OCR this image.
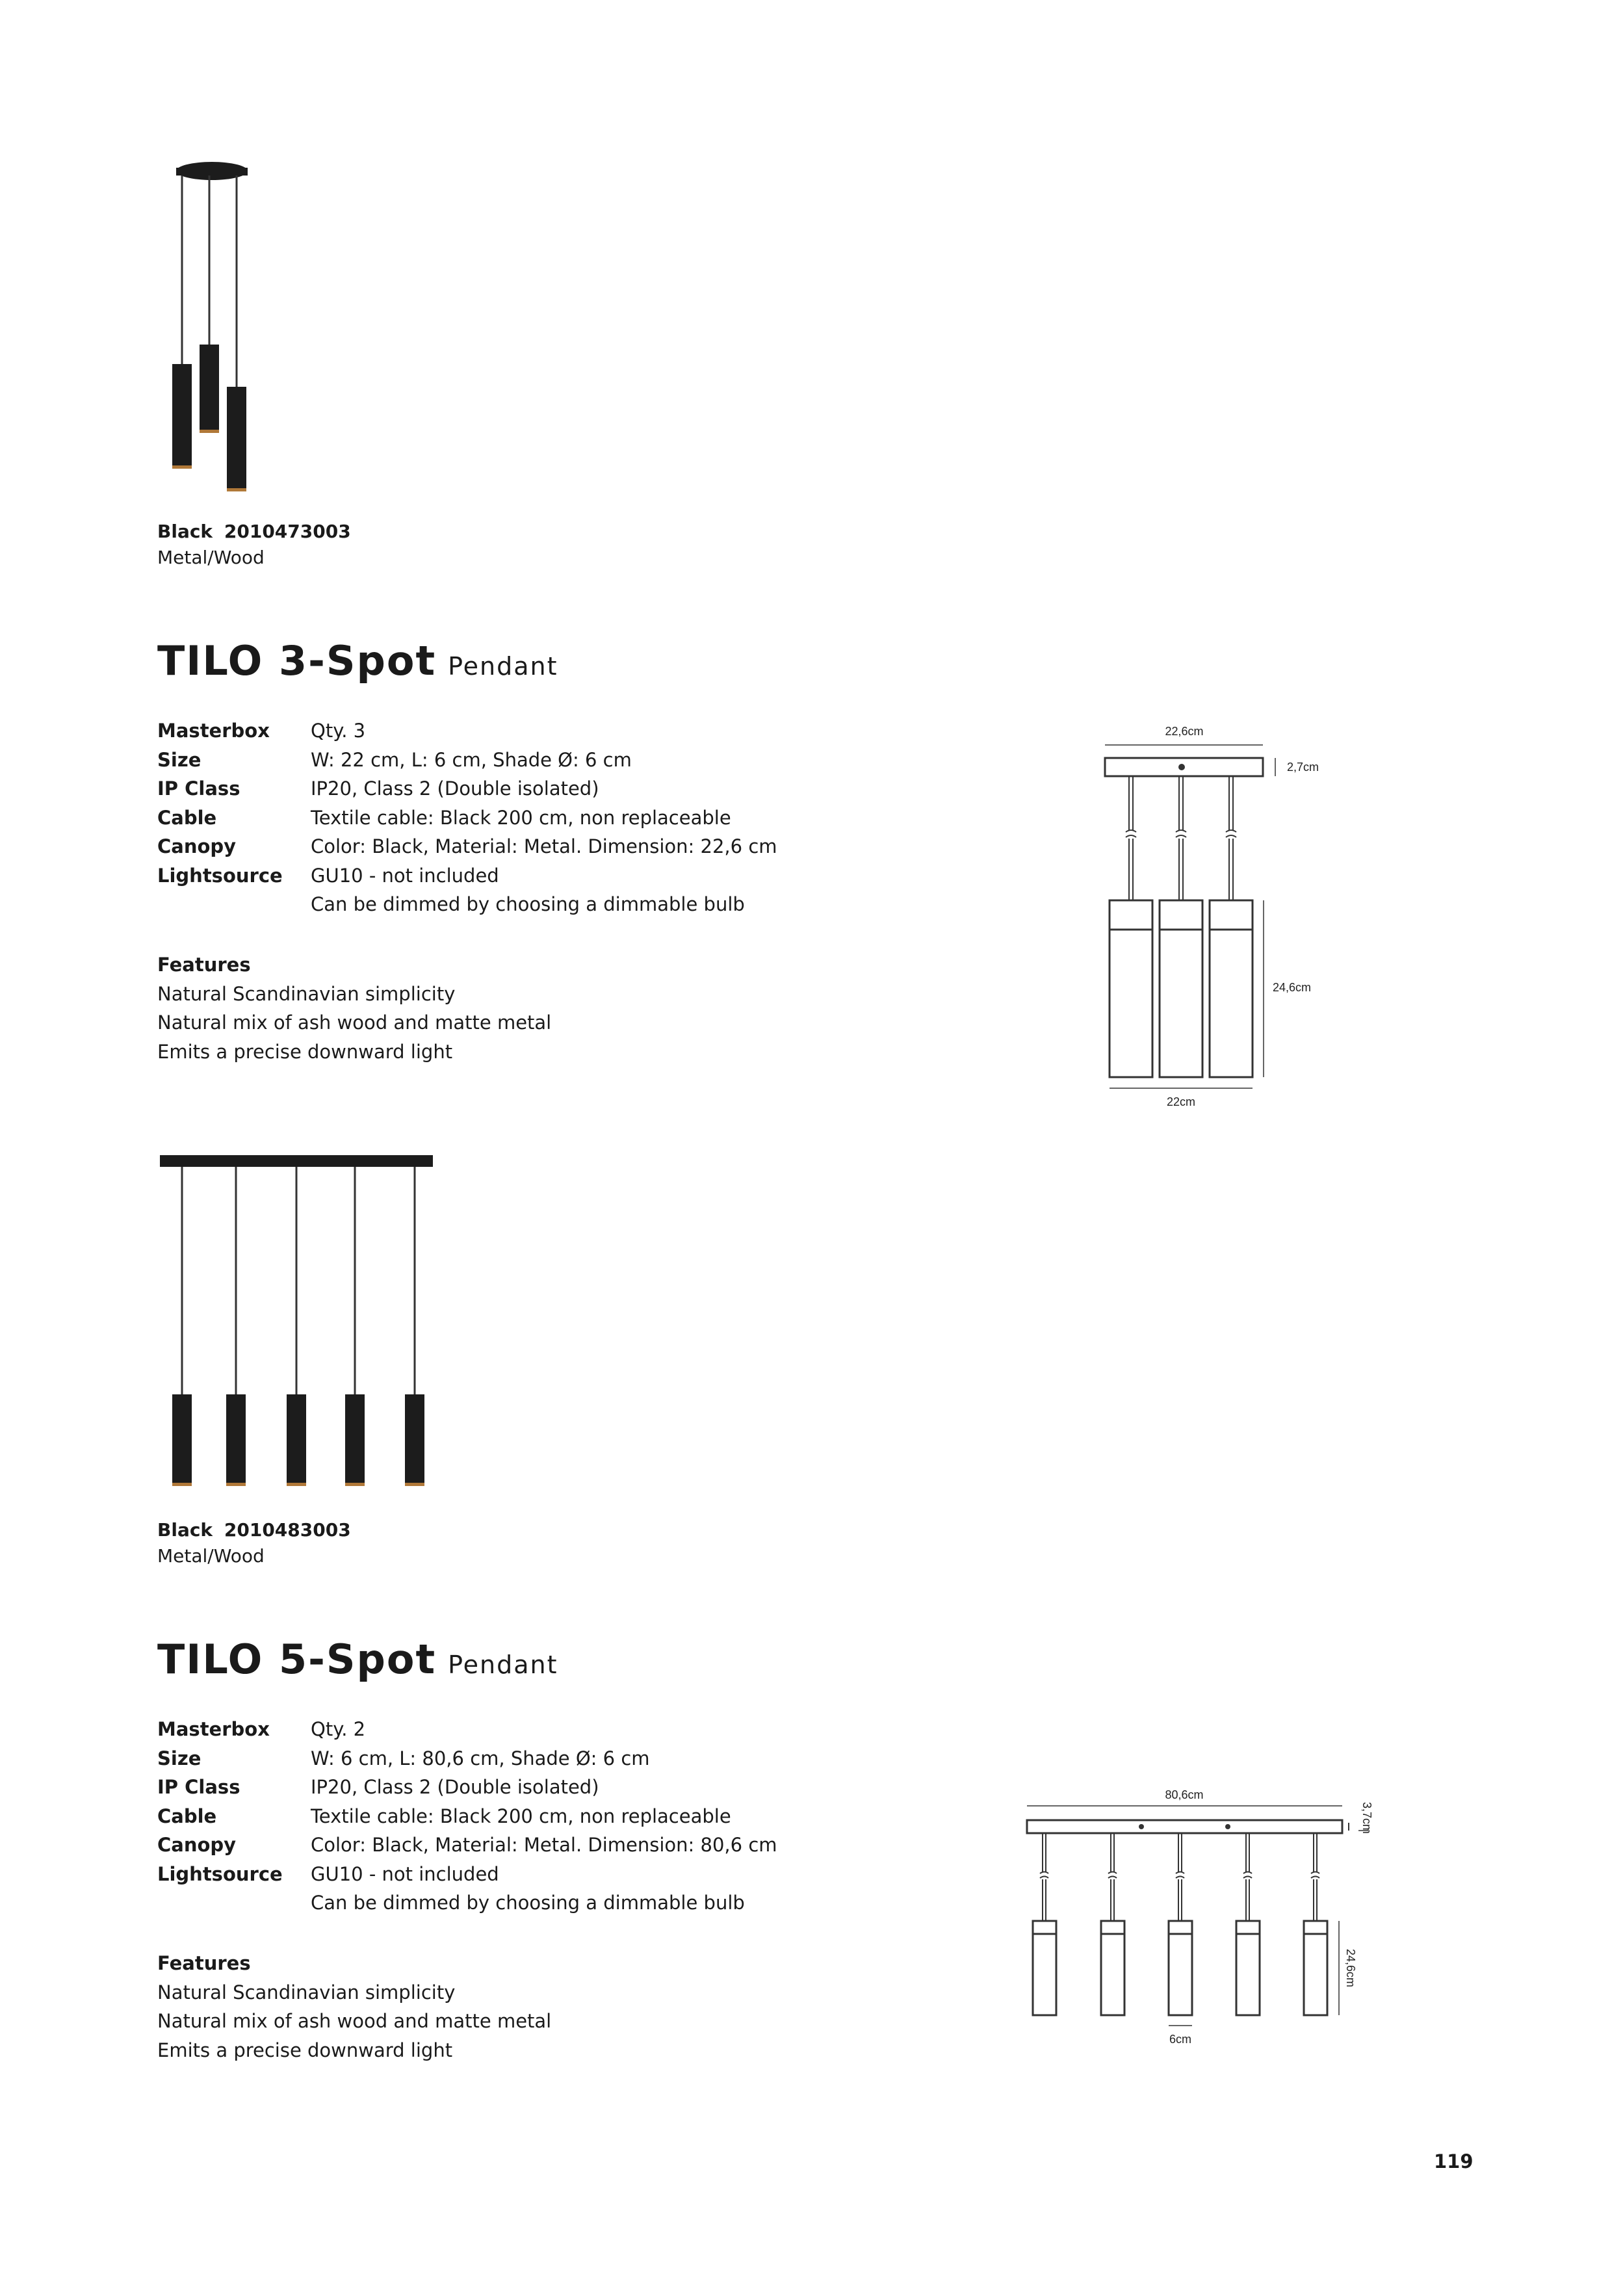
Black 2010473003
Metal/Wood
TILO 3-Spot Pendant
Masterbox	Qty. 3
Size	W: 22 cm, L: 6 cm, Shade Ø: 6 cm
IP Class	IP20, Class 2 (Double isolated)
Cable	Textile cable: Black 200 cm, non replaceable
Canopy	Color: Black, Material: Metal. Dimension: 22,6 cm
Lightsource	GU10 - not included
	Can be dimmed by choosing a dimmable bulb
Features
Natural Scandinavian simplicity
Natural mix of ash wood and matte metal
Emits a precise downward light
22,6cm
2,7cm
24,6cm
22cm
Black 2010483003
Metal/Wood
TILO 5-Spot Pendant
Masterbox	Qty. 2
Size	W: 6 cm, L: 80,6 cm, Shade Ø: 6 cm
IP Class	IP20, Class 2 (Double isolated)
Cable	Textile cable: Black 200 cm, non replaceable
Canopy	Color: Black, Material: Metal. Dimension: 80,6 cm
Lightsource	GU10 - not included
	Can be dimmed by choosing a dimmable bulb
Features
Natural Scandinavian simplicity
Natural mix of ash wood and matte metal
Emits a precise downward light
80,6cm
3,7cm
24,6cm
6cm
119
